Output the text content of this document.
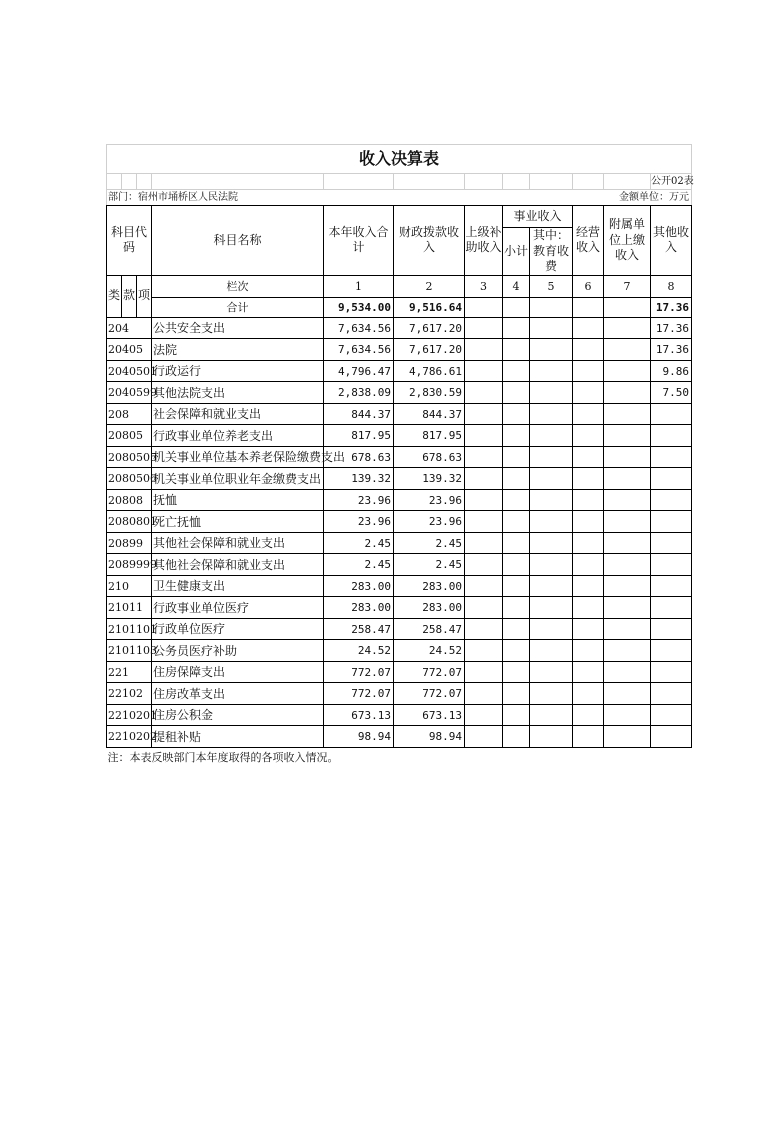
收入决算表											
											公开02表
部门：宿州市埇桥区人民法院										金额单位：万元	
科目代码			科目名称	本年收入合计	财政拨款收入	上级补助收入	事业收入		经营收入	附属单位上缴收入	其他收入
							小计	其中：教育收费			

类	款	项	栏次	1	2	3	4	5	6	7	8
			合计	9,534.00	9,516.64						17.36
204			公共安全支出	7,634.56	7,617.20						17.36
20405			法院	7,634.56	7,617.20						17.36
2040501			行政运行	4,796.47	4,786.61						9.86
2040599			其他法院支出	2,838.09	2,830.59						7.50
208			社会保障和就业支出	844.37	844.37						
20805			行政事业单位养老支出	817.95	817.95						
2080505			机关事业单位基本养老保险缴费支出	678.63	678.63						
2080506			机关事业单位职业年金缴费支出	139.32	139.32						
20808			抚恤	23.96	23.96						
2080801			死亡抚恤	23.96	23.96						
20899			其他社会保障和就业支出	2.45	2.45						
2089999			其他社会保障和就业支出	2.45	2.45						
210			卫生健康支出	283.00	283.00						
21011			行政事业单位医疗	283.00	283.00						
2101101			行政单位医疗	258.47	258.47						
2101103			公务员医疗补助	24.52	24.52						
221			住房保障支出	772.07	772.07						
22102			住房改革支出	772.07	772.07						
2210201			住房公积金	673.13	673.13						
2210202			提租补贴	98.94	98.94						
注：本表反映部门本年度取得的各项收入情况。											
